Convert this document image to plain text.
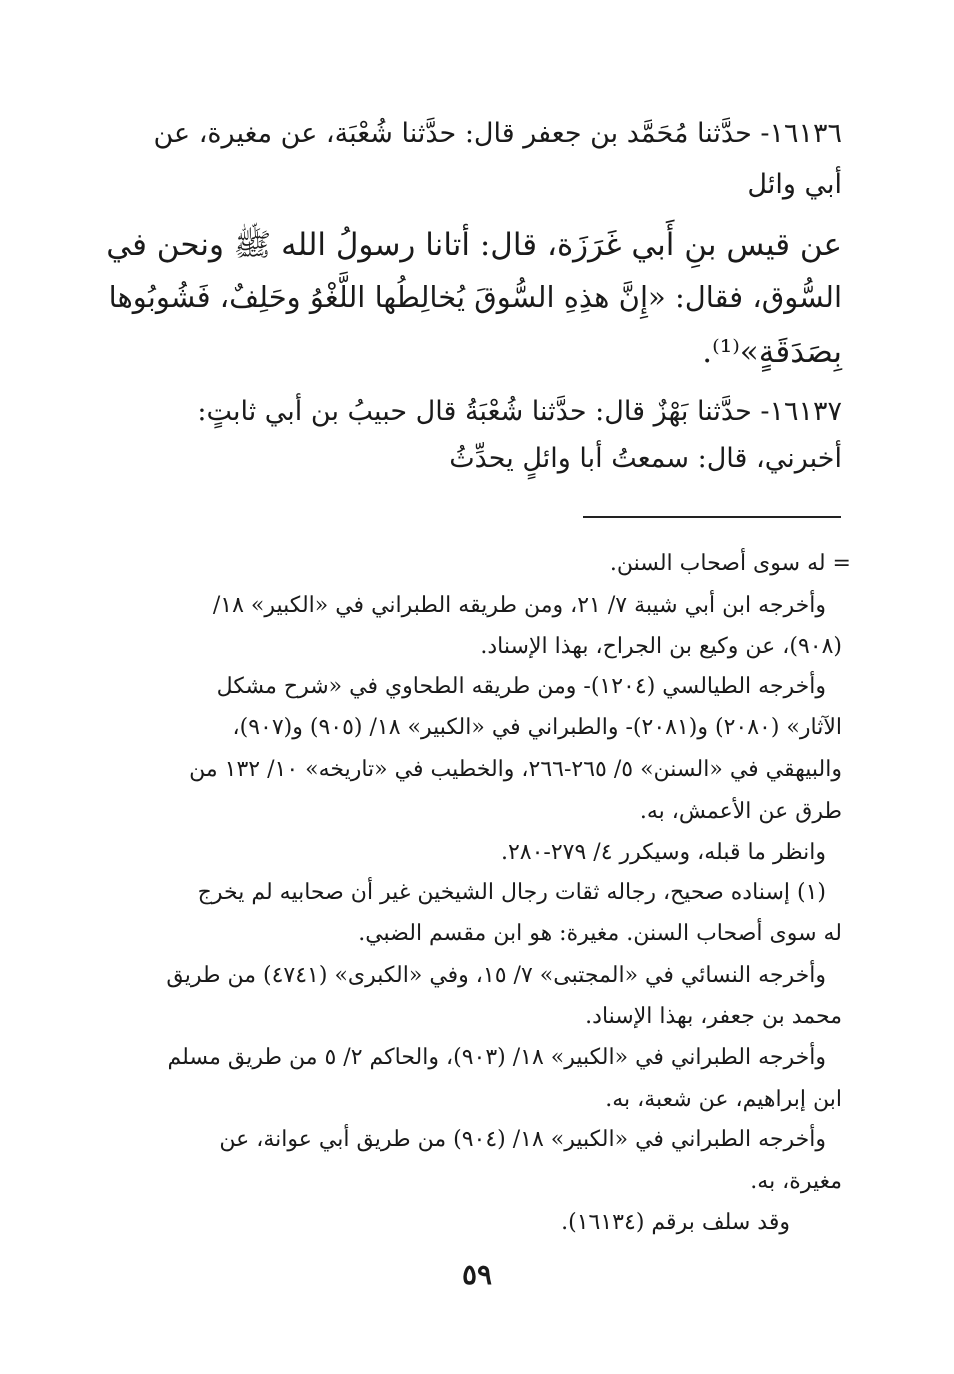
١٦١٣٦- حدَّثنا مُحَمَّد بن جعفر قال: حدَّثنا شُعْبَة، عن مغيرة، عن
أبي وائل
عن قيس بنِ أَبي غَرَزَة، قال: أتانا رسولُ الله ﷺ ونحن في
السُّوق، فقال: «إِنَّ هذِهِ السُّوقَ يُخالِطُها اللَّغْوُ وحَلِفٌ، فَشُوبُوها
بِصَدَقَةٍ»⁽¹⁾.
١٦١٣٧- حدَّثنا بَهْزٌ قال: حدَّثنا شُعْبَةُ قال حبيبُ بن أبي ثابتٍ:
أخبرني، قال: سمعتُ أبا وائلٍ يحدِّثُ
= له سوى أصحاب السنن.
وأخرجه ابن أبي شيبة ٧/ ٢١، ومن طريقه الطبراني في «الكبير» ١٨/
(٩٠٨)، عن وكيع بن الجراح، بهذا الإسناد.
وأخرجه الطيالسي (١٢٠٤)- ومن طريقه الطحاوي في «شرح مشكل
الآثار» (٢٠٨٠) و(٢٠٨١)- والطبراني في «الكبير» ١٨/ (٩٠٥) و(٩٠٧)،
والبيهقي في «السنن» ٥/ ٢٦٥-٢٦٦، والخطيب في «تاريخه» ١٠/ ١٣٢ من
طرق عن الأعمش، به.
وانظر ما قبله، وسيكرر ٤/ ٢٧٩-٢٨٠.
(١) إسناده صحيح، رجاله ثقات رجال الشيخين غير أن صحابيه لم يخرج
له سوى أصحاب السنن. مغيرة: هو ابن مقسم الضبي.
وأخرجه النسائي في «المجتبى» ٧/ ١٥، وفي «الكبرى» (٤٧٤١) من طريق
محمد بن جعفر، بهذا الإسناد.
وأخرجه الطبراني في «الكبير» ١٨/ (٩٠٣)، والحاكم ٢/ ٥ من طريق مسلم
ابن إبراهيم، عن شعبة، به.
وأخرجه الطبراني في «الكبير» ١٨/ (٩٠٤) من طريق أبي عوانة، عن
مغيرة، به.
وقد سلف برقم (١٦١٣٤).
٥٩
